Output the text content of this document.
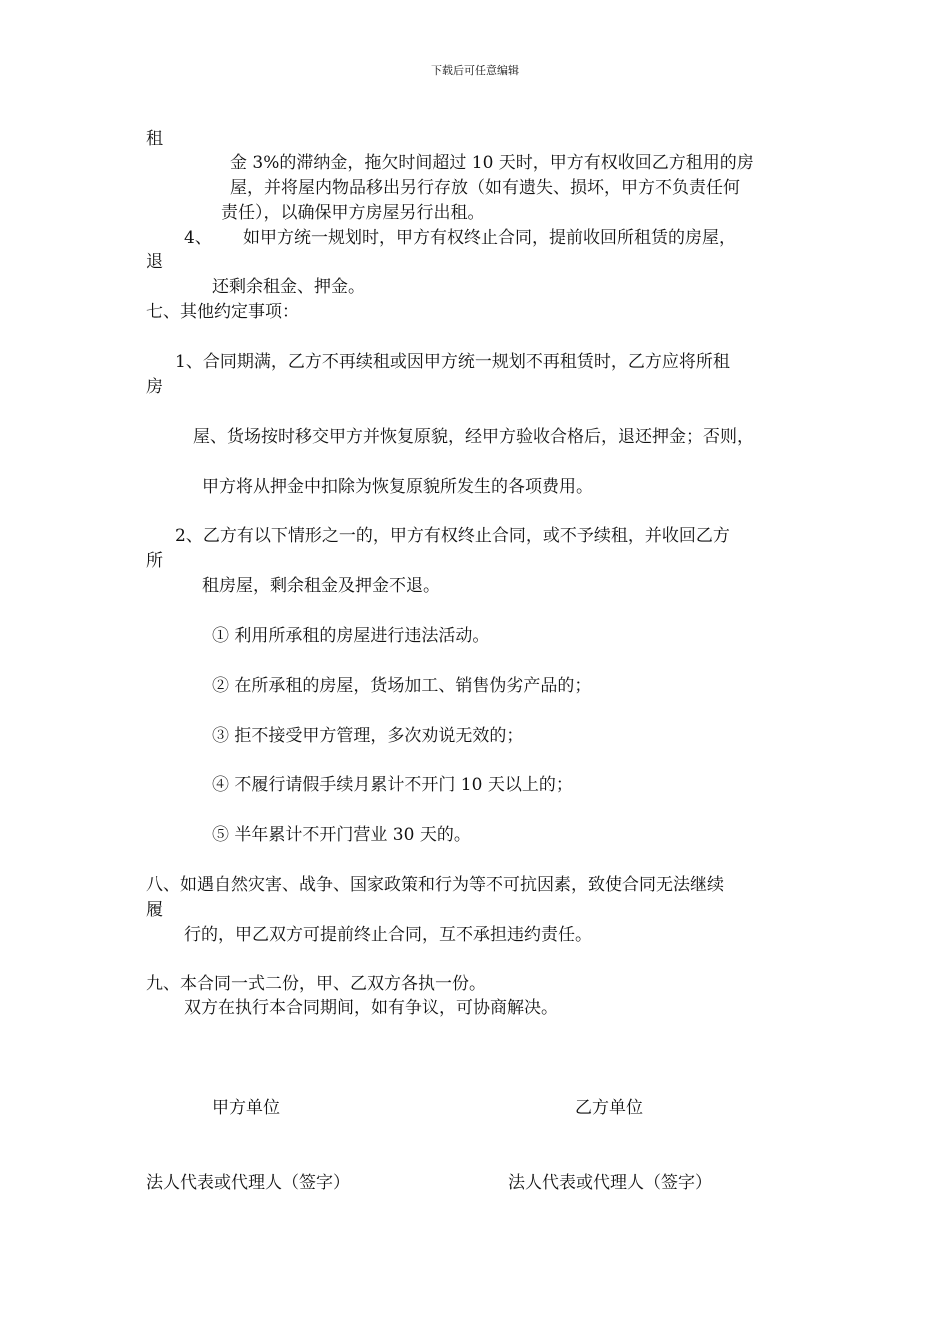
下载后可任意编辑
租
金 3%的滞纳金，拖欠时间超过 10 天时，甲方有权收回乙方租用的房
屋，并将屋内物品移出另行存放（如有遗失、损坏，甲方不负责任何
责任），以确保甲方房屋另行出租。
4、 如甲方统一规划时，甲方有权终止合同，提前收回所租赁的房屋，
退
还剩余租金、押金。
七、其他约定事项：
1、合同期满，乙方不再续租或因甲方统一规划不再租赁时，乙方应将所租
房
屋、货场按时移交甲方并恢复原貌，经甲方验收合格后，退还押金；否则，
甲方将从押金中扣除为恢复原貌所发生的各项费用。
2、乙方有以下情形之一的，甲方有权终止合同，或不予续租，并收回乙方
所
租房屋，剩余租金及押金不退。
① 利用所承租的房屋进行违法活动。
② 在所承租的房屋，货场加工、销售伪劣产品的；
③ 拒不接受甲方管理，多次劝说无效的；
④ 不履行请假手续月累计不开门 10 天以上的；
⑤ 半年累计不开门营业 30 天的。
八、如遇自然灾害、战争、国家政策和行为等不可抗因素，致使合同无法继续
履
行的，甲乙双方可提前终止合同，互不承担违约责任。
九、本合同一式二份，甲、乙双方各执一份。
双方在执行本合同期间，如有争议，可协商解决。
甲方单位	乙方单位
法人代表或代理人（签字）	法人代表或代理人（签字）
